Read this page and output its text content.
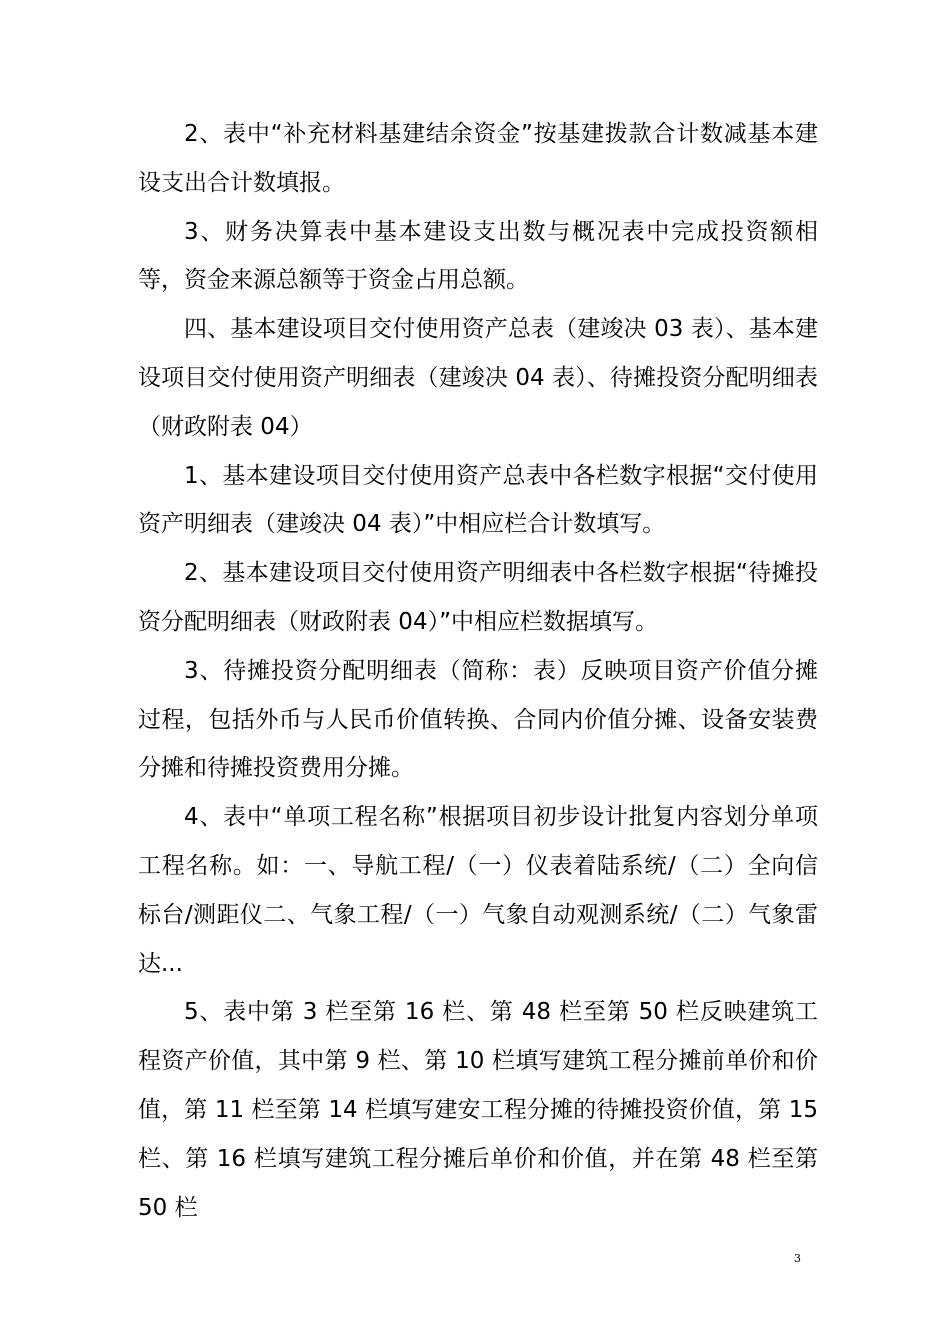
2、表中“补充材料基建结余资金”按基建拨款合计数减基本建设支出合计数填报。

3、财务决算表中基本建设支出数与概况表中完成投资额相等，资金来源总额等于资金占用总额。

四、基本建设项目交付使用资产总表（建竣决 03 表）、基本建设项目交付使用资产明细表（建竣决 04 表）、待摊投资分配明细表（财政附表 04）

1、基本建设项目交付使用资产总表中各栏数字根据“交付使用资产明细表（建竣决 04 表）”中相应栏合计数填写。

2、基本建设项目交付使用资产明细表中各栏数字根据“待摊投资分配明细表（财政附表 04）”中相应栏数据填写。

3、待摊投资分配明细表（简称：表）反映项目资产价值分摊过程，包括外币与人民币价值转换、合同内价值分摊、设备安装费分摊和待摊投资费用分摊。

4、表中“单项工程名称”根据项目初步设计批复内容划分单项工程名称。如：一、导航工程/（一）仪表着陆系统/（二）全向信标台/测距仪二、气象工程/（一）气象自动观测系统/（二）气象雷达...

5、表中第 3 栏至第 16 栏、第 48 栏至第 50 栏反映建筑工程资产价值，其中第 9 栏、第 10 栏填写建筑工程分摊前单价和价值，第 11 栏至第 14 栏填写建安工程分摊的待摊投资价值，第 15 栏、第 16 栏填写建筑工程分摊后单价和价值，并在第 48 栏至第 50 栏

3
